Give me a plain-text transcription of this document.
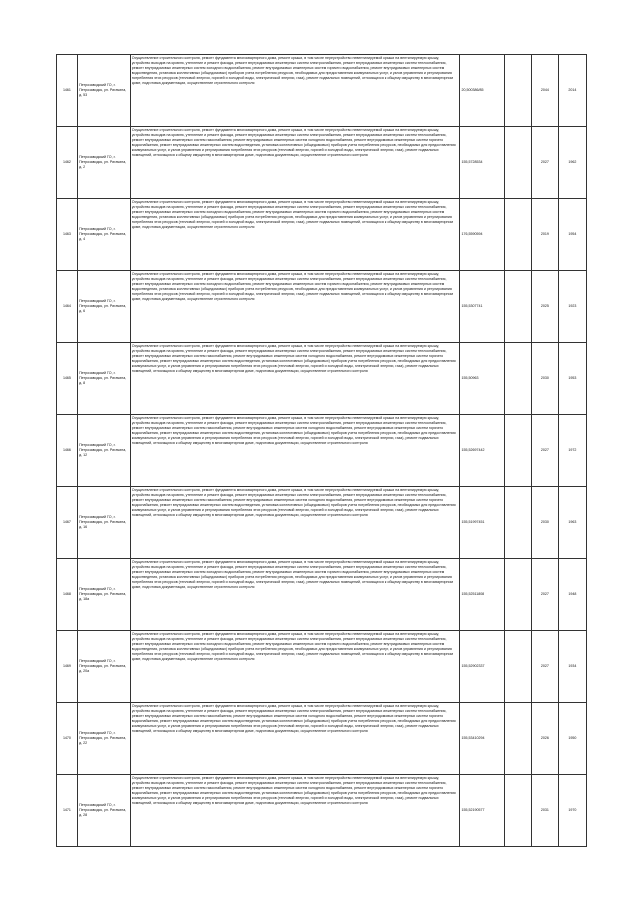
1461	Петрозаводский ГО, г. Петрозаводск, ул. Ригачина, д. 53	Осуществление строительного контроля, ремонт фундамента многоквартирного дома, ремонт крыши, в том числе переустройство невентилируемой крыши на вентилируемую крышу, устройство выходов на кровлю, утепление и ремонт фасада, ремонт внутридомовых инженерных систем электроснабжения, ремонт внутридомовых инженерных систем теплоснабжения, ремонт внутридомовых инженерных систем холодного водоснабжения, ремонт внутридомовых инженерных систем горячего водоснабжения, ремонт внутридомовых инженерных систем водоотведения, установка коллективных (общедомовых) приборов учета потребления ресурсов, необходимых для предоставления коммунальных услуг, и узлов управления и регулирования потребления этих ресурсов (тепловой энергии, горячей и холодной воды, электрической энергии, газа), ремонт подвальных помещений, относящихся к общему имуществу в многоквартирном доме, подготовка документации, осуществление строительного контроля	20,500386/85		2044	2014
1462	Петрозаводский ГО, г. Петрозаводск, ул. Ригачина, д. 2	Осуществление строительного контроля, ремонт фундамента многоквартирного дома, ремонт крыши, в том числе переустройство невентилируемой крыши на вентилируемую крышу, устройство выходов на кровлю, утепление и ремонт фасада, ремонт внутридомовых инженерных систем электроснабжения, ремонт внутридомовых инженерных систем теплоснабжения, ремонт внутридомовых инженерных систем газоснабжения, ремонт внутридомовых инженерных систем холодного водоснабжения, ремонт внутридомовых инженерных систем горячего водоснабжения, ремонт внутридомовых инженерных систем водоотведения, установка коллективных (общедомовых) приборов учета потребления ресурсов, необходимых для предоставления коммунальных услуг, и узлов управления и регулирования потребления этих ресурсов (тепловой энергии, горячей и холодной воды, электрической энергии, газа), ремонт подвальных помещений, относящихся к общему имуществу в многоквартирном доме, подготовка документации, осуществление строительного контроля	155,5728534		2027	1962
1463	Петрозаводский ГО, г. Петрозаводск, ул. Ригачина, д. 4	Осуществление строительного контроля, ремонт фундамента многоквартирного дома, ремонт крыши, в том числе переустройство невентилируемой крыши на вентилируемую крышу, устройство выходов на кровлю, утепление и ремонт фасада, ремонт внутридомовых инженерных систем электроснабжения, ремонт внутридомовых инженерных систем теплоснабжения, ремонт внутридомовых инженерных систем холодного водоснабжения, ремонт внутридомовых инженерных систем горячего водоснабжения, ремонт внутридомовых инженерных систем водоотведения, установка коллективных (общедомовых) приборов учета потребления ресурсов, необходимых для предоставления коммунальных услуг, и узлов управления и регулирования потребления этих ресурсов (тепловой энергии, горячей и холодной воды, электрической энергии, газа), ремонт подвальных помещений, относящихся к общему имуществу в многоквартирном доме, подготовка документации, осуществление строительного контроля	176,5590594		2019	1954
1464	Петрозаводский ГО, г. Петрозаводск, ул. Ригачина, д. 6	Осуществление строительного контроля, ремонт фундамента многоквартирного дома, ремонт крыши, в том числе переустройство невентилируемой крыши на вентилируемую крышу, устройство выходов на кровлю, утепление и ремонт фасада, ремонт внутридомовых инженерных систем электроснабжения, ремонт внутридомовых инженерных систем теплоснабжения, ремонт внутридомовых инженерных систем холодного водоснабжения, ремонт внутридомовых инженерных систем горячего водоснабжения, ремонт внутридомовых инженерных систем водоотведения, установка коллективных (общедомовых) приборов учета потребления ресурсов, необходимых для предоставления коммунальных услуг, и узлов управления и регулирования потребления этих ресурсов (тепловой энергии, горячей и холодной воды, электрической энергии, газа), ремонт подвальных помещений, относящихся к общему имуществу в многоквартирном доме, подготовка документации, осуществление строительного контроля	155,5307741		2025	1923
1465	Петрозаводский ГО, г. Петрозаводск, ул. Ригачина, д. 8	Осуществление строительного контроля, ремонт фундамента многоквартирного дома, ремонт крыши, в том числе переустройство невентилируемой крыши на вентилируемую крышу, устройство выходов на кровлю, утепление и ремонт фасада, ремонт внутридомовых инженерных систем электроснабжения, ремонт внутридомовых инженерных систем теплоснабжения, ремонт внутридомовых инженерных систем газоснабжения, ремонт внутридомовых инженерных систем холодного водоснабжения, ремонт внутридомовых инженерных систем горячего водоснабжения, ремонт внутридомовых инженерных систем водоотведения, установка коллективных (общедомовых) приборов учета потребления ресурсов, необходимых для предоставления коммунальных услуг, и узлов управления и регулирования потребления этих ресурсов (тепловой энергии, горячей и холодной воды, электрической энергии, газа), ремонт подвальных помещений, относящихся к общему имуществу в многоквартирном доме, подготовка документации, осуществление строительного контроля	155,50963		2030	1953
1466	Петрозаводский ГО, г. Петрозаводск, ул. Ригачина, д. 12	Осуществление строительного контроля, ремонт фундамента многоквартирного дома, ремонт крыши, в том числе переустройство невентилируемой крыши на вентилируемую крышу, устройство выходов на кровлю, утепление и ремонт фасада, ремонт внутридомовых инженерных систем электроснабжения, ремонт внутридомовых инженерных систем теплоснабжения, ремонт внутридомовых инженерных систем газоснабжения, ремонт внутридомовых инженерных систем холодного водоснабжения, ремонт внутридомовых инженерных систем горячего водоснабжения, ремонт внутридомовых инженерных систем водоотведения, установка коллективных (общедомовых) приборов учета потребления ресурсов, необходимых для предоставления коммунальных услуг, и узлов управления и регулирования потребления этих ресурсов (тепловой энергии, горячей и холодной воды, электрической энергии, газа), ремонт подвальных помещений, относящихся к общему имуществу в многоквартирном доме, подготовка документации, осуществление строительного контроля	155,52697442		2027	1972
1467	Петрозаводский ГО, г. Петрозаводск, ул. Ригачина, д. 16	Осуществление строительного контроля, ремонт фундамента многоквартирного дома, ремонт крыши, в том числе переустройство невентилируемой крыши на вентилируемую крышу, устройство выходов на кровлю, утепление и ремонт фасада, ремонт внутридомовых инженерных систем электроснабжения, ремонт внутридомовых инженерных систем теплоснабжения, ремонт внутридомовых инженерных систем газоснабжения, ремонт внутридомовых инженерных систем холодного водоснабжения, ремонт внутридомовых инженерных систем горячего водоснабжения, ремонт внутридомовых инженерных систем водоотведения, установка коллективных (общедомовых) приборов учета потребления ресурсов, необходимых для предоставления коммунальных услуг, и узлов управления и регулирования потребления этих ресурсов (тепловой энергии, горячей и холодной воды, электрической энергии, газа), ремонт подвальных помещений, относящихся к общему имуществу в многоквартирном доме, подготовка документации, осуществление строительного контроля	155,51997451		2030	1963
1468	Петрозаводский ГО, г. Петрозаводск, ул. Ригачина, д. 18а	Осуществление строительного контроля, ремонт фундамента многоквартирного дома, ремонт крыши, в том числе переустройство невентилируемой крыши на вентилируемую крышу, устройство выходов на кровлю, утепление и ремонт фасада, ремонт внутридомовых инженерных систем электроснабжения, ремонт внутридомовых инженерных систем теплоснабжения, ремонт внутридомовых инженерных систем холодного водоснабжения, ремонт внутридомовых инженерных систем горячего водоснабжения, ремонт внутридомовых инженерных систем водоотведения, установка коллективных (общедомовых) приборов учета потребления ресурсов, необходимых для предоставления коммунальных услуг, и узлов управления и регулирования потребления этих ресурсов (тепловой энергии, горячей и холодной воды, электрической энергии, газа), ремонт подвальных помещений, относящихся к общему имуществу в многоквартирном доме, подготовка документации, осуществление строительного контроля	155,52511808		2027	1948
1469	Петрозаводский ГО, г. Петрозаводск, ул. Ригачина, д. 20а	Осуществление строительного контроля, ремонт фундамента многоквартирного дома, ремонт крыши, в том числе переустройство невентилируемой крыши на вентилируемую крышу, устройство выходов на кровлю, утепление и ремонт фасада, ремонт внутридомовых инженерных систем электроснабжения, ремонт внутридомовых инженерных систем теплоснабжения, ремонт внутридомовых инженерных систем холодного водоснабжения, ремонт внутридомовых инженерных систем горячего водоснабжения, ремонт внутридомовых инженерных систем водоотведения, установка коллективных (общедомовых) приборов учета потребления ресурсов, необходимых для предоставления коммунальных услуг, и узлов управления и регулирования потребления этих ресурсов (тепловой энергии, горячей и холодной воды, электрической энергии, газа), ремонт подвальных помещений, относящихся к общему имуществу в многоквартирном доме, подготовка документации, осуществление строительного контроля	155,52902337		2027	1934
1470	Петрозаводский ГО, г. Петрозаводск, ул. Ригачина, д. 22	Осуществление строительного контроля, ремонт фундамента многоквартирного дома, ремонт крыши, в том числе переустройство невентилируемой крыши на вентилируемую крышу, устройство выходов на кровлю, утепление и ремонт фасада, ремонт внутридомовых инженерных систем электроснабжения, ремонт внутридомовых инженерных систем теплоснабжения, ремонт внутридомовых инженерных систем газоснабжения, ремонт внутридомовых инженерных систем холодного водоснабжения, ремонт внутридомовых инженерных систем горячего водоснабжения, ремонт внутридомовых инженерных систем водоотведения, установка коллективных (общедомовых) приборов учета потребления ресурсов, необходимых для предоставления коммунальных услуг, и узлов управления и регулирования потребления этих ресурсов (тепловой энергии, горячей и холодной воды, электрической энергии, газа), ремонт подвальных помещений, относящихся к общему имуществу в многоквартирном доме, подготовка документации, осуществление строительного контроля	155,53410294		2026	1950
1471	Петрозаводский ГО, г. Петрозаводск, ул. Ригачина, д. 28	Осуществление строительного контроля, ремонт фундамента многоквартирного дома, ремонт крыши, в том числе переустройство невентилируемой крыши на вентилируемую крышу, устройство выходов на кровлю, утепление и ремонт фасада, ремонт внутридомовых инженерных систем электроснабжения, ремонт внутридомовых инженерных систем теплоснабжения, ремонт внутридомовых инженерных систем газоснабжения, ремонт внутридомовых инженерных систем холодного водоснабжения, ремонт внутридомовых инженерных систем горячего водоснабжения, ремонт внутридомовых инженерных систем водоотведения, установка коллективных (общедомовых) приборов учета потребления ресурсов, необходимых для предоставления коммунальных услуг, и узлов управления и регулирования потребления этих ресурсов (тепловой энергии, горячей и холодной воды, электрической энергии, газа), ремонт подвальных помещений, относящихся к общему имуществу в многоквартирном доме, подготовка документации, осуществление строительного контроля	155,52190577		2031	1970
